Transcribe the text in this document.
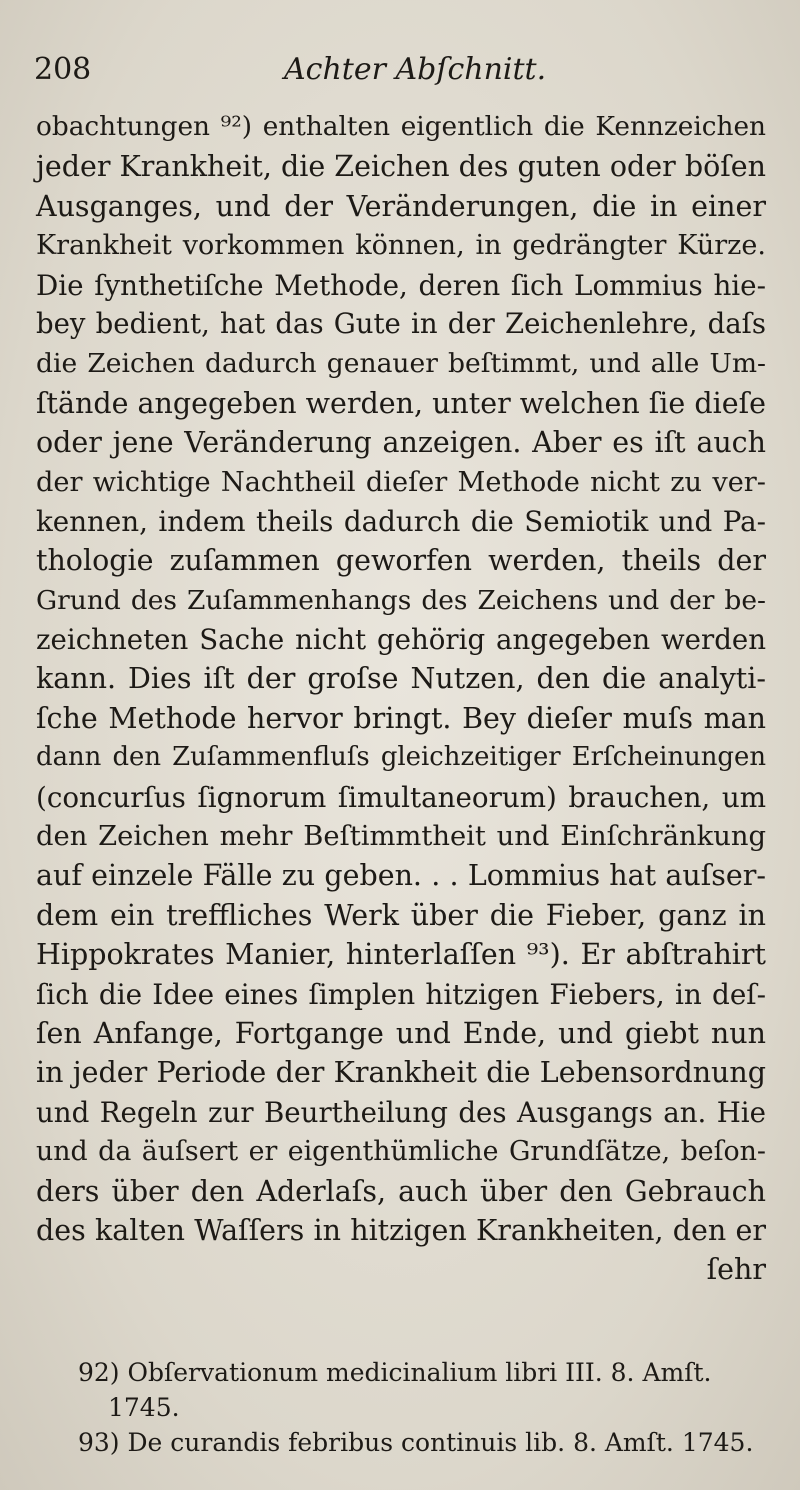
208	Achter Abſchnitt.
obachtungen ⁹²) enthalten eigentlich die Kennzeichen
jeder Krankheit, die Zeichen des guten oder böſen
Ausganges, und der Veränderungen, die in einer
Krankheit vorkommen können, in gedrängter Kürze.
Die ſynthetiſche Methode, deren ſich Lommius hie-
bey bedient, hat das Gute in der Zeichenlehre, daſs
die Zeichen dadurch genauer beſtimmt, und alle Um-
ſtände angegeben werden, unter welchen ſie dieſe
oder jene Veränderung anzeigen. Aber es iſt auch
der wichtige Nachtheil dieſer Methode nicht zu ver-
kennen, indem theils dadurch die Semiotik und Pa-
thologie zuſammen geworfen werden, theils der
Grund des Zuſammenhangs des Zeichens und der be-
zeichneten Sache nicht gehörig angegeben werden
kann. Dies iſt der groſse Nutzen, den die analyti-
ſche Methode hervor bringt. Bey dieſer muſs man
dann den Zuſammenfluſs gleichzeitiger Erſcheinungen
(concurſus ſignorum ſimultaneorum) brauchen, um
den Zeichen mehr Beſtimmtheit und Einſchränkung
auf einzele Fälle zu geben. . . Lommius hat auſser-
dem ein treffliches Werk über die Fieber, ganz in
Hippokrates Manier, hinterlaſſen ⁹³). Er abſtrahirt
ſich die Idee eines ſimplen hitzigen Fiebers, in deſ-
ſen Anfange, Fortgange und Ende, und giebt nun
in jeder Periode der Krankheit die Lebensordnung
und Regeln zur Beurtheilung des Ausgangs an. Hie
und da äuſsert er eigenthümliche Grundſätze, beſon-
ders über den Aderlaſs, auch über den Gebrauch
des kalten Waſſers in hitzigen Krankheiten, den er
ſehr
92) Obſervationum medicinalium libri III. 8. Amſt.
1745.
93) De curandis febribus continuis lib. 8. Amſt. 1745.
